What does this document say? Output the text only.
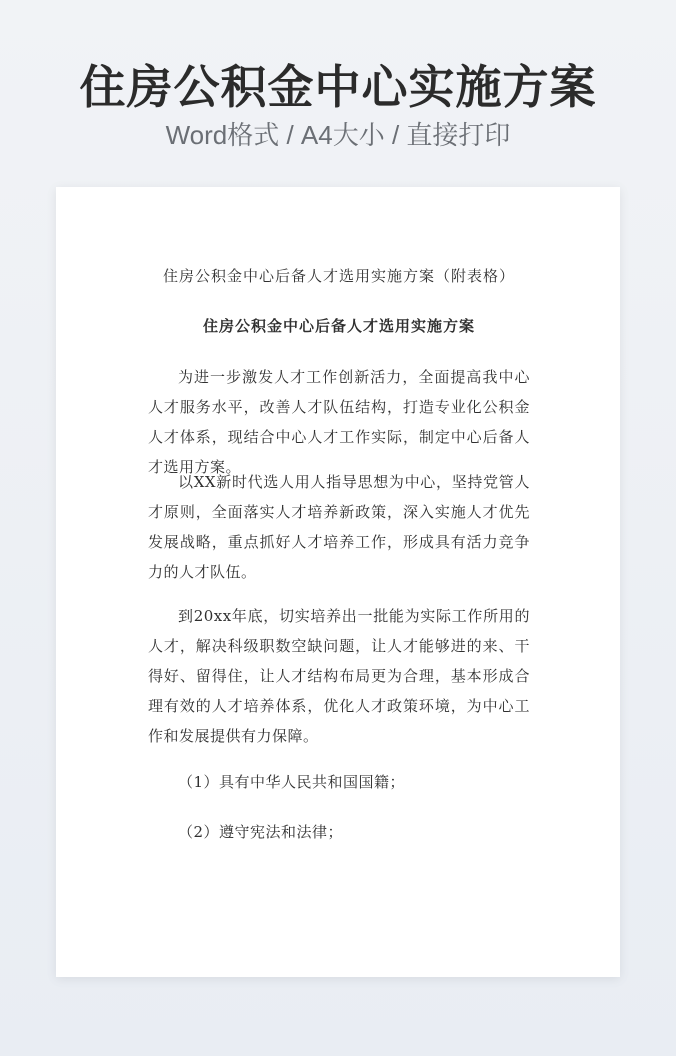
住房公积金中心实施方案
Word格式 / A4大小 / 直接打印
住房公积金中心后备人才选用实施方案（附表格）
住房公积金中心后备人才选用实施方案
为进一步激发人才工作创新活力，全面提高我中心人才服务水平，改善人才队伍结构，打造专业化公积金人才体系，现结合中心人才工作实际，制定中心后备人才选用方案。
以XX新时代选人用人指导思想为中心，坚持党管人才原则，全面落实人才培养新政策，深入实施人才优先发展战略，重点抓好人才培养工作，形成具有活力竞争力的人才队伍。
到20xx年底，切实培养出一批能为实际工作所用的人才，解决科级职数空缺问题，让人才能够进的来、干得好、留得住，让人才结构布局更为合理，基本形成合理有效的人才培养体系，优化人才政策环境，为中心工作和发展提供有力保障。
（1）具有中华人民共和国国籍；
（2）遵守宪法和法律；
